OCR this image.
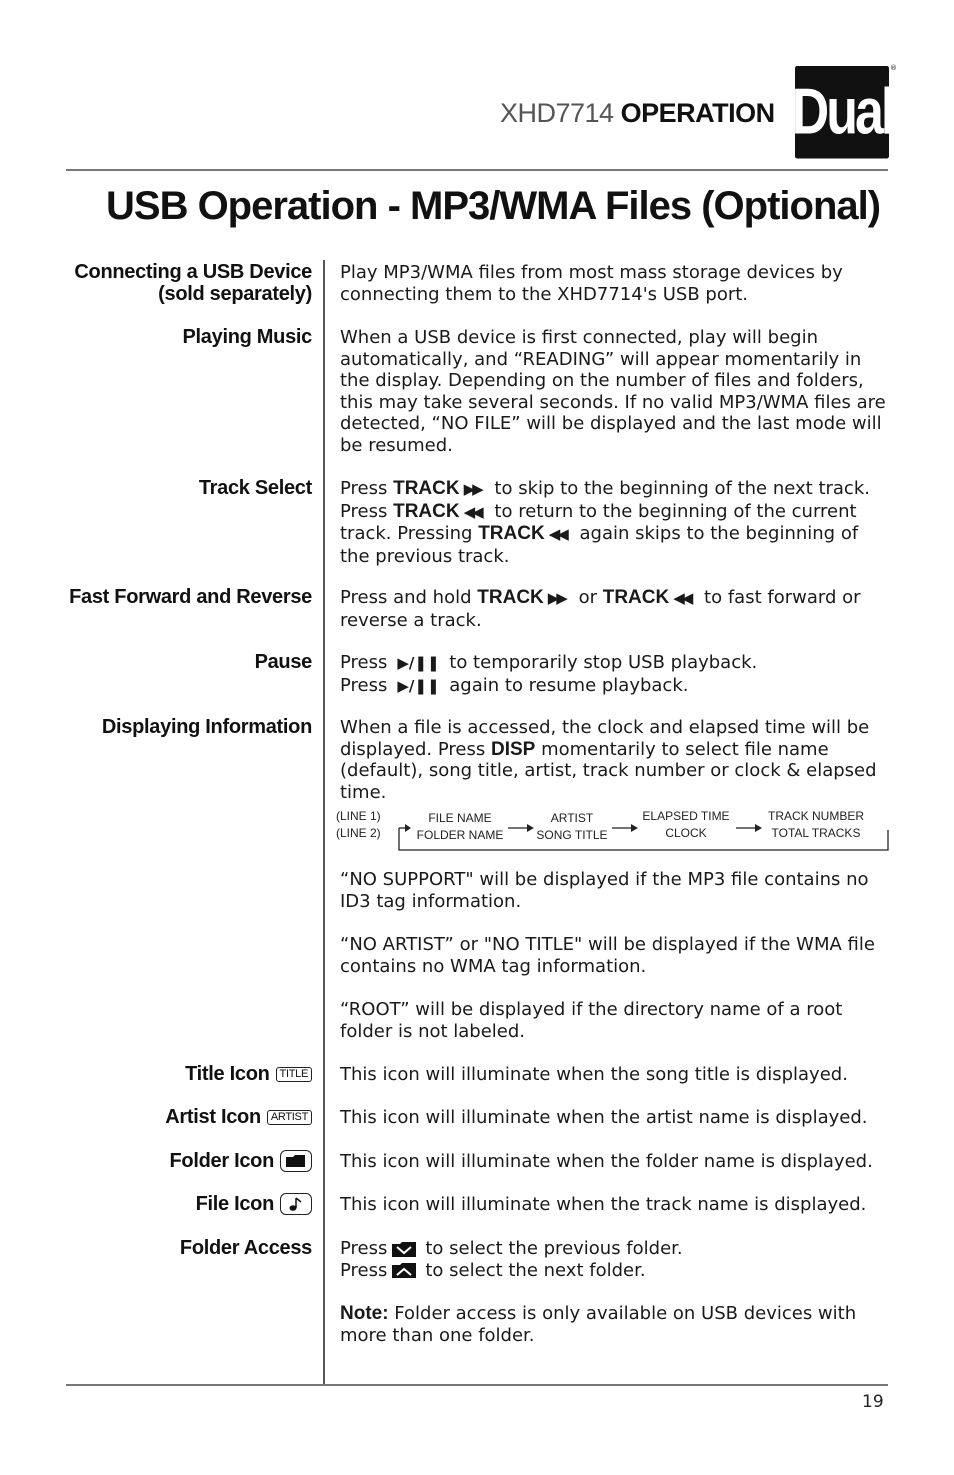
XHD7714 OPERATION Dual
®
USB Operation - MP3/WMA Files (Optional)
Connecting a USB Device
(sold separately)

Play MP3/WMA files from most mass storage devices by connecting them to the XHD7714's USB port.

Playing Music When a USB device is first connected, play will begin automatically, and “READING” will appear momentarily in the display. Depending on the number of files and folders, this may take several seconds. If no valid MP3/WMA files are detected, “NO FILE” will be displayed and the last mode will be resumed.

Track Select Press TRACK ▶▶ to skip to the beginning of the next track. Press TRACK ◀◀ to return to the beginning of the current track. Pressing TRACK ◀◀ again skips to the beginning of the previous track.

Fast Forward and Reverse Press and hold TRACK ▶▶ or TRACK ◀◀ to fast forward or reverse a track.

Pause Press ▶/❚❚ to temporarily stop USB playback.

Press ▶/❚❚ again to resume playback.

Displaying Information When a file is accessed, the clock and elapsed time will be displayed. Press DISP momentarily to select file name (default), song title, artist, track number or clock & elapsed time.

(LINE 1)
(LINE 2)
FILE NAME
FOLDER NAME
ARTIST
SONG TITLE
ELAPSED TIME
CLOCK
TRACK NUMBER
TOTAL TRACKS

“NO SUPPORT" will be displayed if the MP3 file contains no ID3 tag information.

“NO ARTIST” or "NO TITLE" will be displayed if the WMA file contains no WMA tag information.

“ROOT” will be displayed if the directory name of a root folder is not labeled.

Title Icon TITLE This icon will illuminate when the song title is displayed.

Artist Icon ARTIST This icon will illuminate when the artist name is displayed.

Folder Icon	This icon will illuminate when the folder name is displayed.

File Icon	This icon will illuminate when the track name is displayed.

Folder Access Press to select the previous folder.

Press to select the next folder.

Note: Folder access is only available on USB devices with more than one folder.

19
